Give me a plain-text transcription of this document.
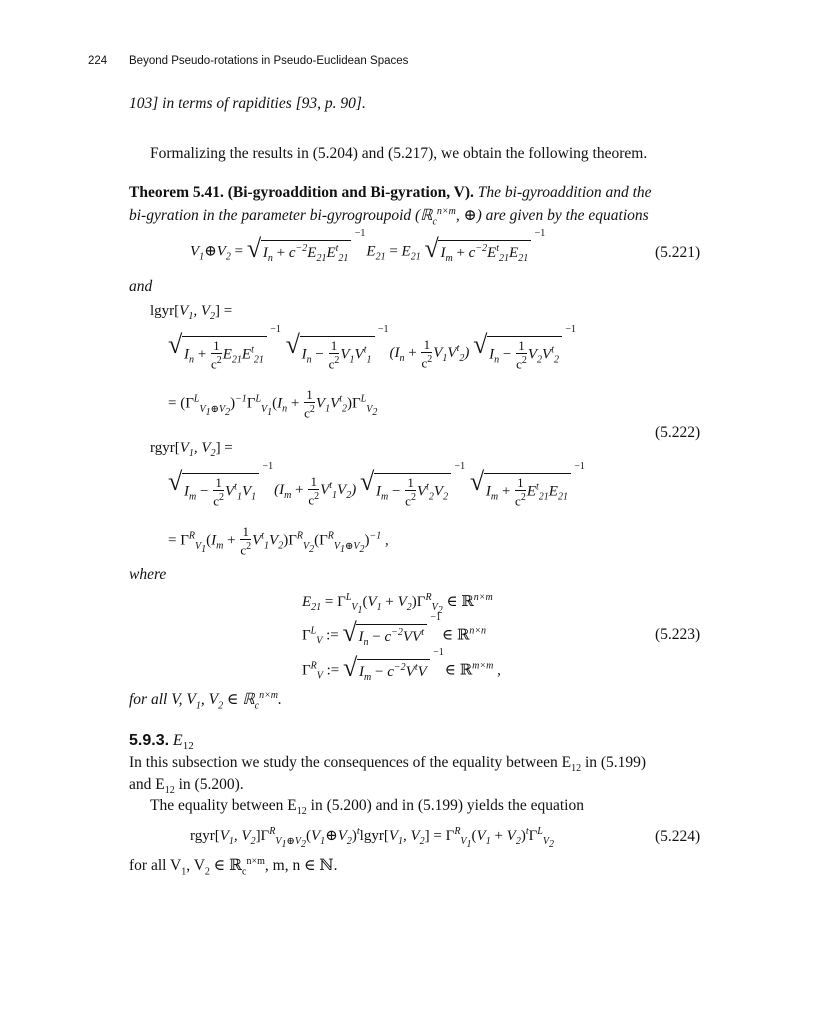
224 Beyond Pseudo-rotations in Pseudo-Euclidean Spaces
103] in terms of rapidities [93, p. 90].
Formalizing the results in (5.204) and (5.217), we obtain the following theorem.
Theorem 5.41. (Bi-gyroaddition and Bi-gyration, V). The bi-gyroaddition and the
bi-gyration in the parameter bi-gyrogroupoid (ℝ$_c^{n\times m}$, ⊕) are given by the equations
$V_1\oplus V_2$ = √ $I_n + c^{-2}E_{21}E^t_{21}$
−1
$E_{21} = E_{21}$ √ $I_m + c^{-2}E^t_{21}E_{21}$
−1
(5.221)
and
$lgyr[V_1$, $V_2$] =
√ $I_n + \frac{1}{c^2} E_{21}E^t_{21}$
−1
√ $I_n - \frac{1}{c^2} V_1V^t_1$
−1
$(I_n + \frac{1}{c^2} V_1V^t_2)$ √ $I_n - \frac{1}{c^2} V_2V^t_2$
−1
= $(\Gamma^L_{V_1\oplus V_2})^{-1}\Gamma^L_{V_1}(I_n + \frac{1}{c^2} V_1V^t_2)\Gamma^L_{V_2}$
(5.222)
$rgyr[V_1$, $V_2$] =
√ $I_m - \frac{1}{c^2} V^t_1V_1$
−1
$(I_m + \frac{1}{c^2} V^t_1V_2)$ √ $I_m - \frac{1}{c^2} V^t_2V_2$
−1
√ $I_m + \frac{1}{c^2} E^t_{21}E_{21}$
−1
= $\Gamma^R_{V_1}(I_m + \frac{1}{c^2} V^t_1V_2)\Gamma^R_{V_2}(\Gamma^R_{V_1\oplus V_2})^{-1}$ ,
where
$E_{21} = \Gamma^L_{V_1}(V_1 + V_2)\Gamma^R_{V_2}$ ∈ ℝ$^{n\times m}$
$\Gamma^L_V$ := √ $I_n - c^{-2}VV^t$
−1
∈ ℝ$^{n\times n}$	(5.223)
$\Gamma^R_V$ := √ $I_m - c^{-2}V^tV$
−1
∈ ℝ$^{m\times m}$ ,
for all V, $V_1$, $V_2$ ∈ ℝ$_c^{n\times m}$.
5.9.3. $E_{12}$
In this subsection we study the consequences of the equality between $E_{12}$ in (5.199)
and $E_{12}$ in (5.200).
The equality between $E_{12}$ in (5.200) and in (5.199) yields the equation
$rgyr[V_1$, $V_2]\Gamma^R_{V_1\oplus V_2}(V_1\oplus V_2)^tlgyr[V_1$, $V_2] = \Gamma^R_{V_1}(V_1 + V_2)^t\Gamma^L_{V_2}$	(5.224)
for all $V_1$, $V_2$ ∈ ℝ$_c^{n\times m}$, m, n ∈ ℕ.
